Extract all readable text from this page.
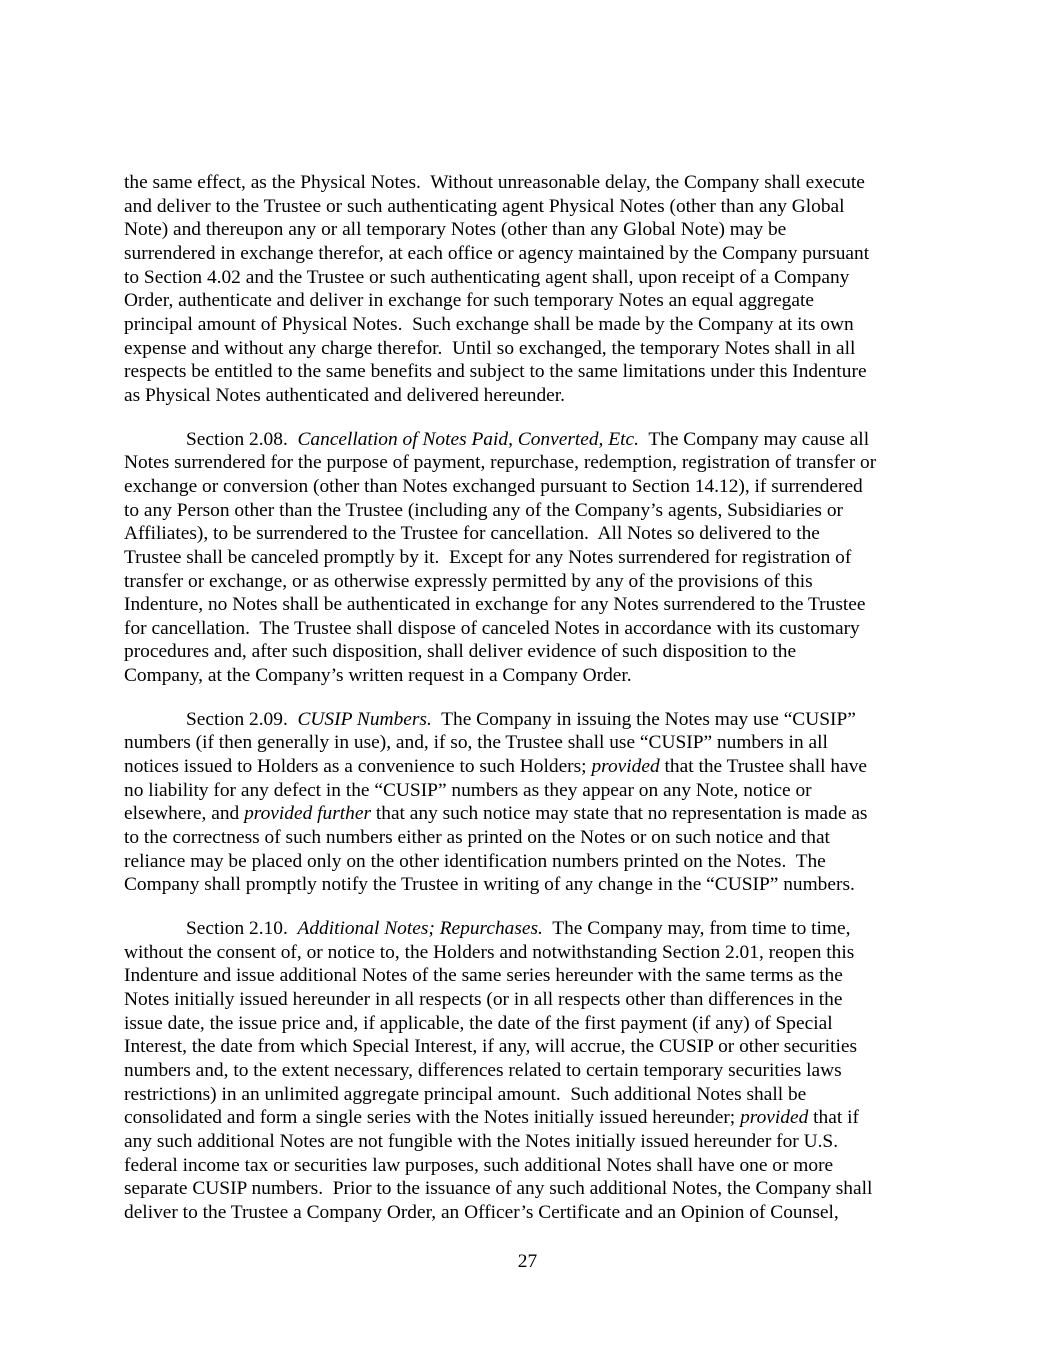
the same effect, as the Physical Notes.  Without unreasonable delay, the Company shall execute
and deliver to the Trustee or such authenticating agent Physical Notes (other than any Global
Note) and thereupon any or all temporary Notes (other than any Global Note) may be
surrendered in exchange therefor, at each office or agency maintained by the Company pursuant
to Section 4.02 and the Trustee or such authenticating agent shall, upon receipt of a Company
Order, authenticate and deliver in exchange for such temporary Notes an equal aggregate
principal amount of Physical Notes.  Such exchange shall be made by the Company at its own
expense and without any charge therefor.  Until so exchanged, the temporary Notes shall in all
respects be entitled to the same benefits and subject to the same limitations under this Indenture
as Physical Notes authenticated and delivered hereunder.
Section 2.08. Cancellation of Notes Paid, Converted, Etc. The Company may cause all
Notes surrendered for the purpose of payment, repurchase, redemption, registration of transfer or
exchange or conversion (other than Notes exchanged pursuant to Section 14.12), if surrendered
to any Person other than the Trustee (including any of the Company’s agents, Subsidiaries or
Affiliates), to be surrendered to the Trustee for cancellation.  All Notes so delivered to the
Trustee shall be canceled promptly by it.  Except for any Notes surrendered for registration of
transfer or exchange, or as otherwise expressly permitted by any of the provisions of this
Indenture, no Notes shall be authenticated in exchange for any Notes surrendered to the Trustee
for cancellation.  The Trustee shall dispose of canceled Notes in accordance with its customary
procedures and, after such disposition, shall deliver evidence of such disposition to the
Company, at the Company’s written request in a Company Order.
Section 2.09. CUSIP Numbers. The Company in issuing the Notes may use “CUSIP”
numbers (if then generally in use), and, if so, the Trustee shall use “CUSIP” numbers in all
notices issued to Holders as a convenience to such Holders; provided that the Trustee shall have
no liability for any defect in the “CUSIP” numbers as they appear on any Note, notice or
elsewhere, and provided further that any such notice may state that no representation is made as
to the correctness of such numbers either as printed on the Notes or on such notice and that
reliance may be placed only on the other identification numbers printed on the Notes.  The
Company shall promptly notify the Trustee in writing of any change in the “CUSIP” numbers.
Section 2.10. Additional Notes; Repurchases. The Company may, from time to time,
without the consent of, or notice to, the Holders and notwithstanding Section 2.01, reopen this
Indenture and issue additional Notes of the same series hereunder with the same terms as the
Notes initially issued hereunder in all respects (or in all respects other than differences in the
issue date, the issue price and, if applicable, the date of the first payment (if any) of Special
Interest, the date from which Special Interest, if any, will accrue, the CUSIP or other securities
numbers and, to the extent necessary, differences related to certain temporary securities laws
restrictions) in an unlimited aggregate principal amount.  Such additional Notes shall be
consolidated and form a single series with the Notes initially issued hereunder; provided that if
any such additional Notes are not fungible with the Notes initially issued hereunder for U.S.
federal income tax or securities law purposes, such additional Notes shall have one or more
separate CUSIP numbers.  Prior to the issuance of any such additional Notes, the Company shall
deliver to the Trustee a Company Order, an Officer’s Certificate and an Opinion of Counsel,
27
